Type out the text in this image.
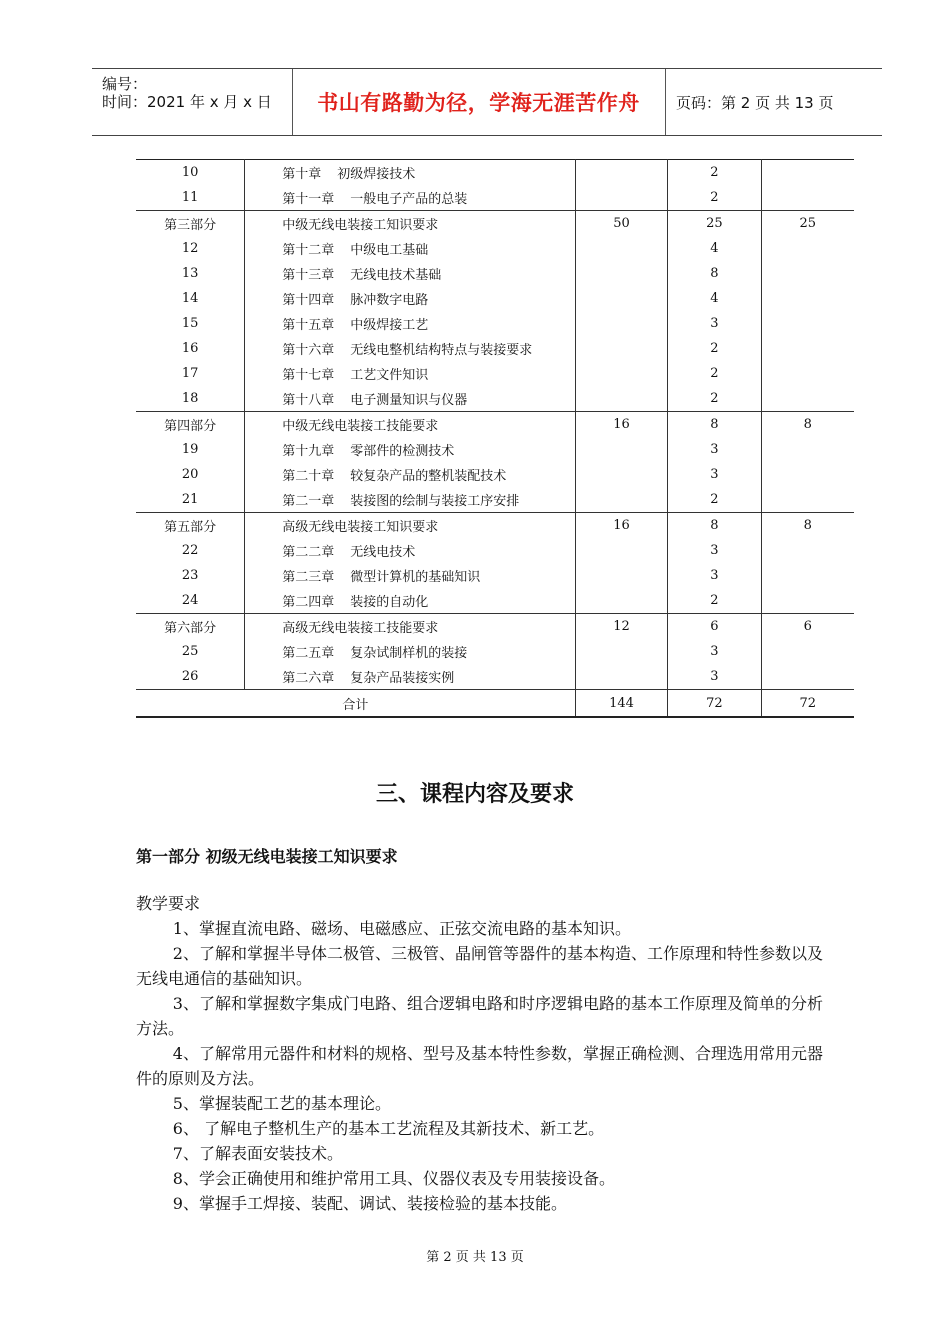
编号：
时间：2021 年 x 月 x 日 书山有路勤为径，学海无涯苦作舟 页码：第 2 页 共 13 页
10	第十章 初级焊接技术		2	
11	第十一章 一般电子产品的总装		2	
第三部分	中级无线电装接工知识要求	50	25	25
12	第十二章 中级电工基础		4	
13	第十三章 无线电技术基础		8	
14	第十四章 脉冲数字电路		4	
15	第十五章 中级焊接工艺		3	
16	第十六章 无线电整机结构特点与装接要求		2	
17	第十七章 工艺文件知识		2	
18	第十八章 电子测量知识与仪器		2	
第四部分	中级无线电装接工技能要求	16	8	8
19	第十九章 零部件的检测技术		3	
20	第二十章 较复杂产品的整机装配技术		3	
21	第二一章 装接图的绘制与装接工序安排		2	
第五部分	高级无线电装接工知识要求	16	8	8
22	第二二章 无线电技术		3	
23	第二三章 微型计算机的基础知识		3	
24	第二四章 装接的自动化		2	
第六部分	高级无线电装接工技能要求	12	6	6
25	第二五章 复杂试制样机的装接		3	
26	第二六章 复杂产品装接实例		3	
合计		144	72	72
三、课程内容及要求
第一部分 初级无线电装接工知识要求

教学要求

1、掌握直流电路、磁场、电磁感应、正弦交流电路的基本知识。

2、了解和掌握半导体二极管、三极管、晶闸管等器件的基本构造、工作原理和特性参数以及无线电通信的基础知识。

3、了解和掌握数字集成门电路、组合逻辑电路和时序逻辑电路的基本工作原理及简单的分析方法。

4、了解常用元器件和材料的规格、型号及基本特性参数，掌握正确检测、合理选用常用元器件的原则及方法。

5、掌握装配工艺的基本理论。

6、 了解电子整机生产的基本工艺流程及其新技术、新工艺。

7、了解表面安装技术。

8、学会正确使用和维护常用工具、仪器仪表及专用装接设备。

9、掌握手工焊接、装配、调试、装接检验的基本技能。

第 2 页 共 13 页
